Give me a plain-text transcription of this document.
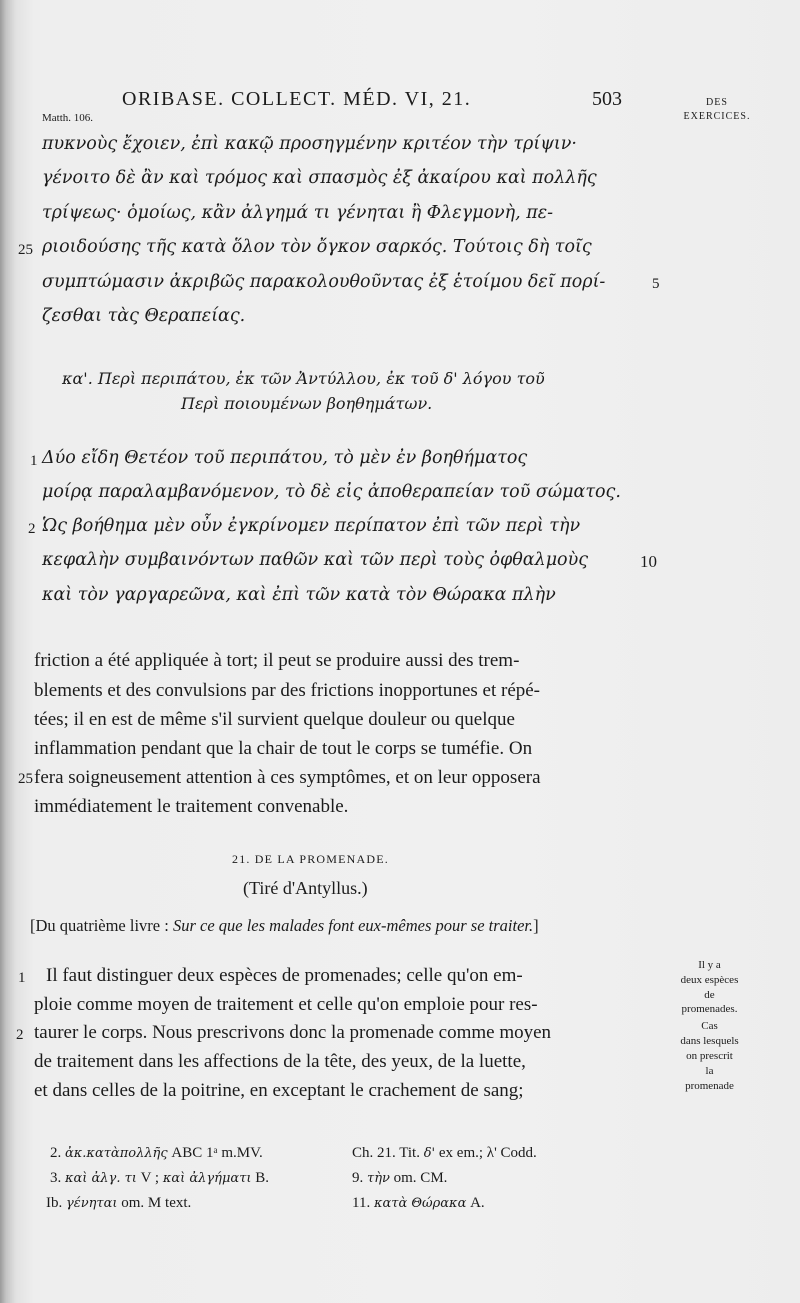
ORIBASE. COLLECT. MÉD. VI, 21.	503	DES
EXERCICES.
Matth. 106.
πυκνοὺς ἔχοιεν, ἐπὶ κακῷ προσηγμένην κριτέον τὴν τρίψιν·
γένοιτο δὲ ἂν καὶ τρόμος καὶ σπασμὸς ἐξ ἀκαίρου καὶ πολλῆς
τρίψεως· ὁμοίως, κἂν ἀλγημά τι γένηται ἢ Φλεγμονὴ, πε-
ριοιδούσης τῆς κατὰ ὅλον τὸν ὄγκον σαρκός. Τούτοις δὴ τοῖς
συμπτώμασιν ἀκριβῶς παρακολουθοῦντας ἐξ ἑτοίμου δεῖ πορί-
ζεσθαι τὰς Θεραπείας.
25
5
κα'. Περὶ περιπάτου, ἐκ τῶν Ἀντύλλου, ἐκ τοῦ δ' λόγου τοῦ
Περὶ ποιουμένων βοηθημάτων.
Δύο εἴδη Θετέον τοῦ περιπάτου, τὸ μὲν ἐν βοηθήματος
μοίρᾳ παραλαμβανόμενον, τὸ δὲ εἰς ἀποθεραπείαν τοῦ σώματος.
Ὡς βοήθημα μὲν οὖν ἐγκρίνομεν περίπατον ἐπὶ τῶν περὶ τὴν
κεφαλὴν συμβαινόντων παθῶν καὶ τῶν περὶ τοὺς ὀφθαλμοὺς
καὶ τὸν γαργαρεῶνα, καὶ ἐπὶ τῶν κατὰ τὸν Θώρακα πλὴν
1
2
10
friction a été appliquée à tort; il peut se produire aussi des trem-
blements et des convulsions par des frictions inopportunes et répé-
tées; il en est de même s'il survient quelque douleur ou quelque
inflammation pendant que la chair de tout le corps se tuméfie. On
fera soigneusement attention à ces symptômes, et on leur opposera
immédiatement le traitement convenable.
25
21. DE LA PROMENADE.
(Tiré d'Antyllus.)
[Du quatrième livre : Sur ce que les malades font eux-mêmes pour se traiter.]
Il faut distinguer deux espèces de promenades; celle qu'on em-
ploie comme moyen de traitement et celle qu'on emploie pour res-
taurer le corps. Nous prescrivons donc la promenade comme moyen
de traitement dans les affections de la tête, des yeux, de la luette,
et dans celles de la poitrine, en exceptant le crachement de sang;
1
2
Il y a
deux espèces
de
promenades.
Cas
dans lesquels
on prescrit
la
promenade
2. ἀκ.κατὰπολλῆς ABC 1ᵃ m.MV.
3. καὶ ἀλγ. τι V ; καὶ ἀλγήματι B.
Ib. γένηται om. M text.
Ch. 21. Tit. δ' ex em.; λ' Codd.
9. τὴν om. CM.
11. κατὰ Θώρακα A.
